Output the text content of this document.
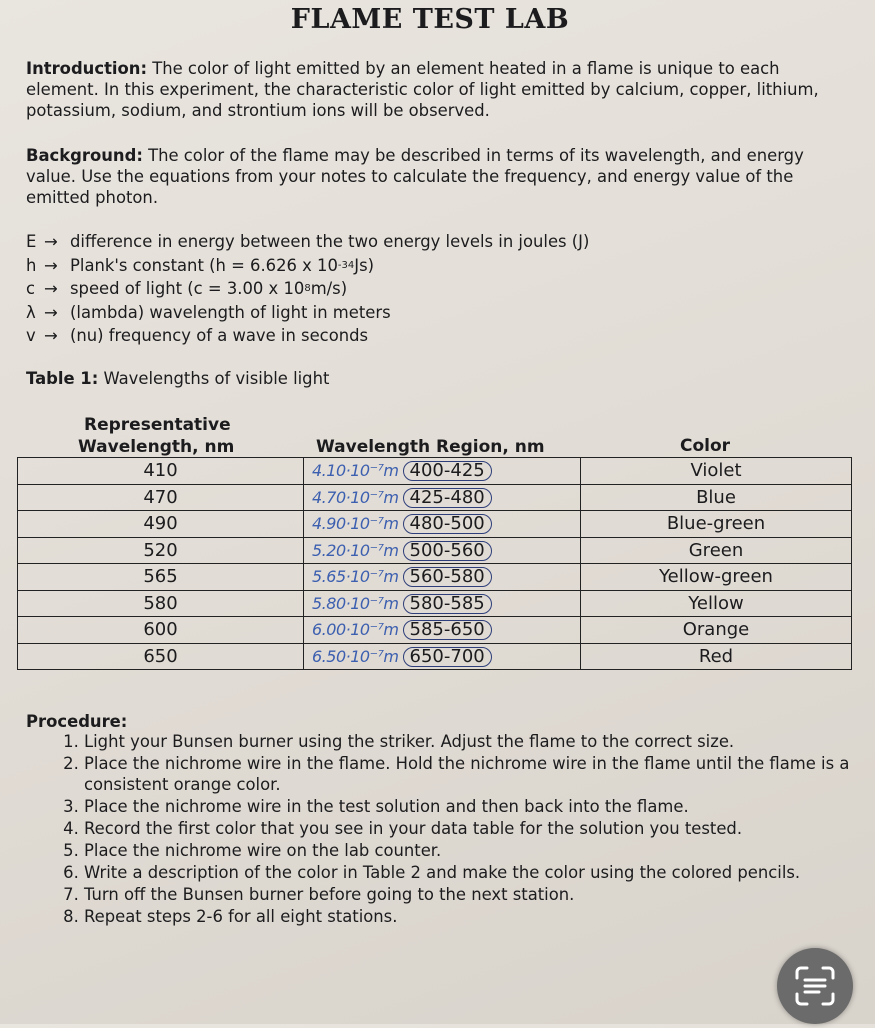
FLAME TEST LAB
Introduction: The color of light emitted by an element heated in a flame is unique to each element. In this experiment, the characteristic color of light emitted by calcium, copper, lithium, potassium, sodium, and strontium ions will be observed.
Background: The color of the flame may be described in terms of its wavelength, and energy value. Use the equations from your notes to calculate the frequency, and energy value of the emitted photon.
E → difference in energy between the two energy levels in joules (J)
h → Plank's constant (h = 6.626 x 10 -34 Js)
c → speed of light (c = 3.00 x 10 8 m/s)
λ → (lambda) wavelength of light in meters
v → (nu) frequency of a wave in seconds
Table 1: Wavelengths of visible light
Representative
Wavelength, nm	Wavelength Region, nm	Color
410	4.10·10⁻⁷m 400-425	Violet
470	4.70·10⁻⁷m 425-480	Blue
490	4.90·10⁻⁷m 480-500	Blue-green
520	5.20·10⁻⁷m 500-560	Green
565	5.65·10⁻⁷m 560-580	Yellow-green
580	5.80·10⁻⁷m 580-585	Yellow
600	6.00·10⁻⁷m 585-650	Orange
650	6.50·10⁻⁷m 650-700	Red
Procedure:
1. Light your Bunsen burner using the striker. Adjust the flame to the correct size.
2. Place the nichrome wire in the flame. Hold the nichrome wire in the flame until the flame is a consistent orange color.
3. Place the nichrome wire in the test solution and then back into the flame.
4. Record the first color that you see in your data table for the solution you tested.
5. Place the nichrome wire on the lab counter.
6. Write a description of the color in Table 2 and make the color using the colored pencils.
7. Turn off the Bunsen burner before going to the next station.
8. Repeat steps 2-6 for all eight stations.
